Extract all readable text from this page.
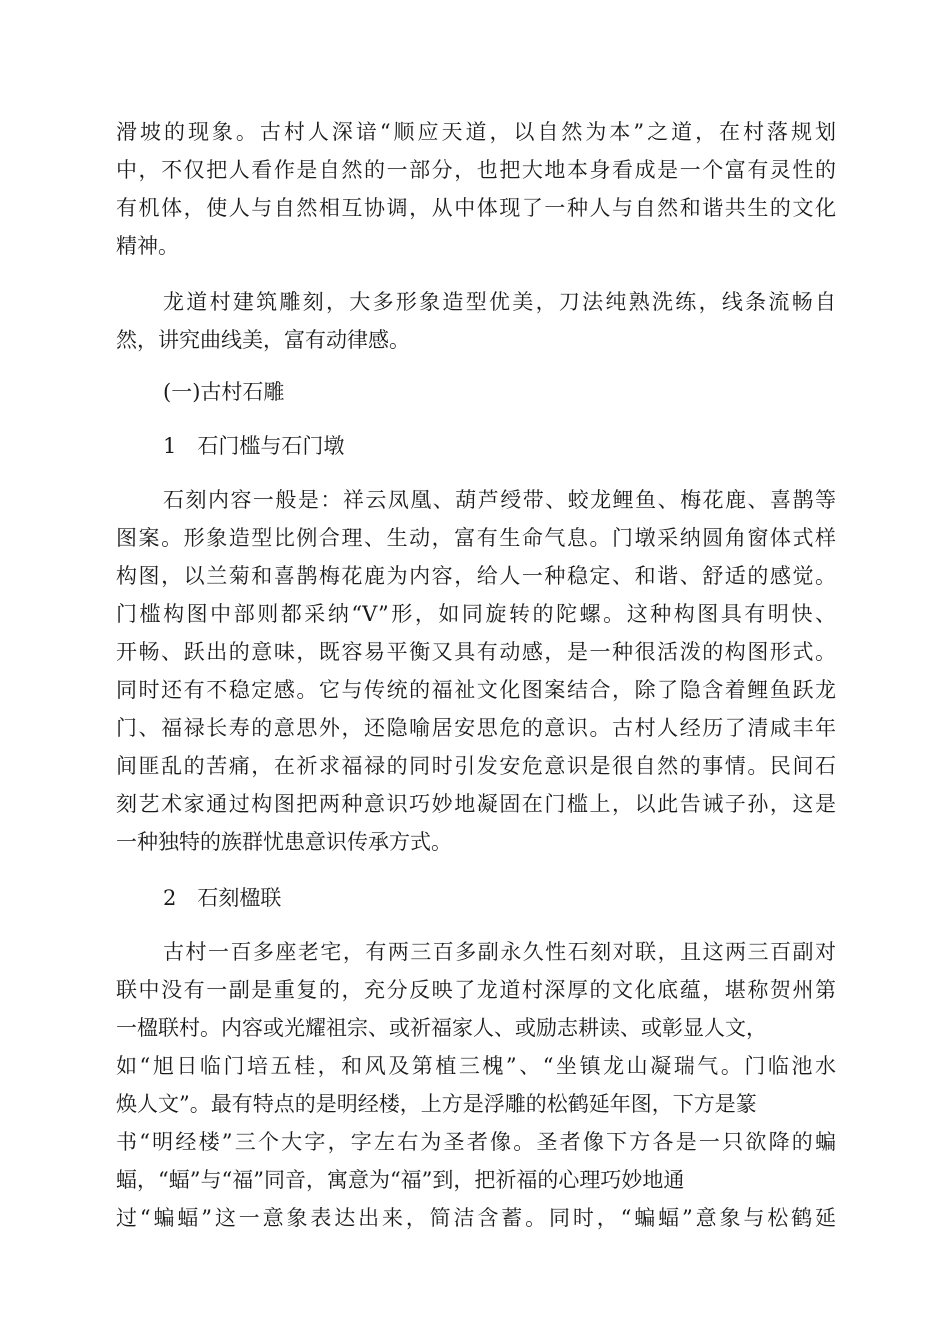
滑坡的现象。古村人深谙“顺应天道，以自然为本”之道，在村落规划
中，不仅把人看作是自然的一部分，也把大地本身看成是一个富有灵性的
有机体，使人与自然相互协调，从中体现了一种人与自然和谐共生的文化
精神。
龙道村建筑雕刻，大多形象造型优美，刀法纯熟洗练，线条流畅自
然，讲究曲线美，富有动律感。
(一)古村石雕
1　石门槛与石门墩
石刻内容一般是：祥云凤凰、葫芦绶带、蛟龙鲤鱼、梅花鹿、喜鹊等
图案。形象造型比例合理、生动，富有生命气息。门墩采纳圆角窗体式样
构图，以兰菊和喜鹊梅花鹿为内容，给人一种稳定、和谐、舒适的感觉。
门槛构图中部则都采纳“V”形，如同旋转的陀螺。这种构图具有明快、
开畅、跃出的意味，既容易平衡又具有动感，是一种很活泼的构图形式。
同时还有不稳定感。它与传统的福祉文化图案结合，除了隐含着鲤鱼跃龙
门、福禄长寿的意思外，还隐喻居安思危的意识。古村人经历了清咸丰年
间匪乱的苦痛，在祈求福禄的同时引发安危意识是很自然的事情。民间石
刻艺术家通过构图把两种意识巧妙地凝固在门槛上，以此告诫子孙，这是
一种独特的族群忧患意识传承方式。
2　石刻楹联
古村一百多座老宅，有两三百多副永久性石刻对联，且这两三百副对
联中没有一副是重复的，充分反映了龙道村深厚的文化底蕴，堪称贺州第
一楹联村。内容或光耀祖宗、或祈福家人、或励志耕读、或彰显人文，
如“旭日临门培五桂，和风及第植三槐”、“坐镇龙山凝瑞气。门临池水
焕人文”。最有特点的是明经楼，上方是浮雕的松鹤延年图，下方是篆
书“明经楼”三个大字，字左右为圣者像。圣者像下方各是一只欲降的蝙
蝠，“蝠”与“福”同音，寓意为“福”到，把祈福的心理巧妙地通
过“蝙蝠”这一意象表达出来，简洁含蓄。同时，“蝙蝠”意象与松鹤延
